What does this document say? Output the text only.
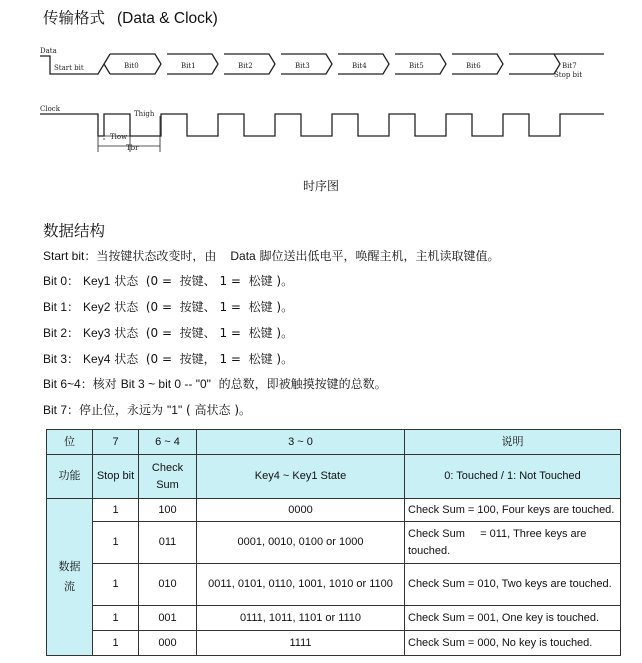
传输格式 (Data & Clock)
Data
Start bit
Clock
Thigh
Tlow
Tbr
Bit0	Bit1	Bit2	Bit3	Bit4	Bit5	Bit6	Bit7
Stop bit
时序图
数据结构
Start bit：当按键状态改变时，由 Data 脚位送出低电平，唤醒主机，主机读取键值。
Bit 0： Key1 状态  (0 =  按键、 1 =  松键 )。
Bit 1： Key2 状态  (0 =  按键、 1 =  松键 )。
Bit 2： Key3 状态  (0 =  按键、 1 =  松键 )。
Bit 3： Key4 状态  (0 =  按键， 1 =  松键 )。
Bit 6~4：核对 Bit 3 ~ bit 0 -- "0"  的总数，即被触摸按键的总数。
Bit 7：停止位，永远为 "1" ( 高状态 )。
位	7	6 ~ 4	3 ~ 0	说明
功能	Stop bit	Check Sum	Key4 ~ Key1 State	0: Touched / 1: Not Touched
数据流	1	100	0000	Check Sum = 100, Four keys are touched.
	1	011	0001, 0010, 0100 or 1000	Check Sum     = 011, Three keys are touched.
	1	010	0011, 0101, 0110, 1001, 1010 or 1100	Check Sum = 010, Two keys are touched.
	1	001	0111, 1011, 1101 or 1110	Check Sum = 001, One key is touched.
	1	000	1111	Check Sum = 000, No key is touched.
